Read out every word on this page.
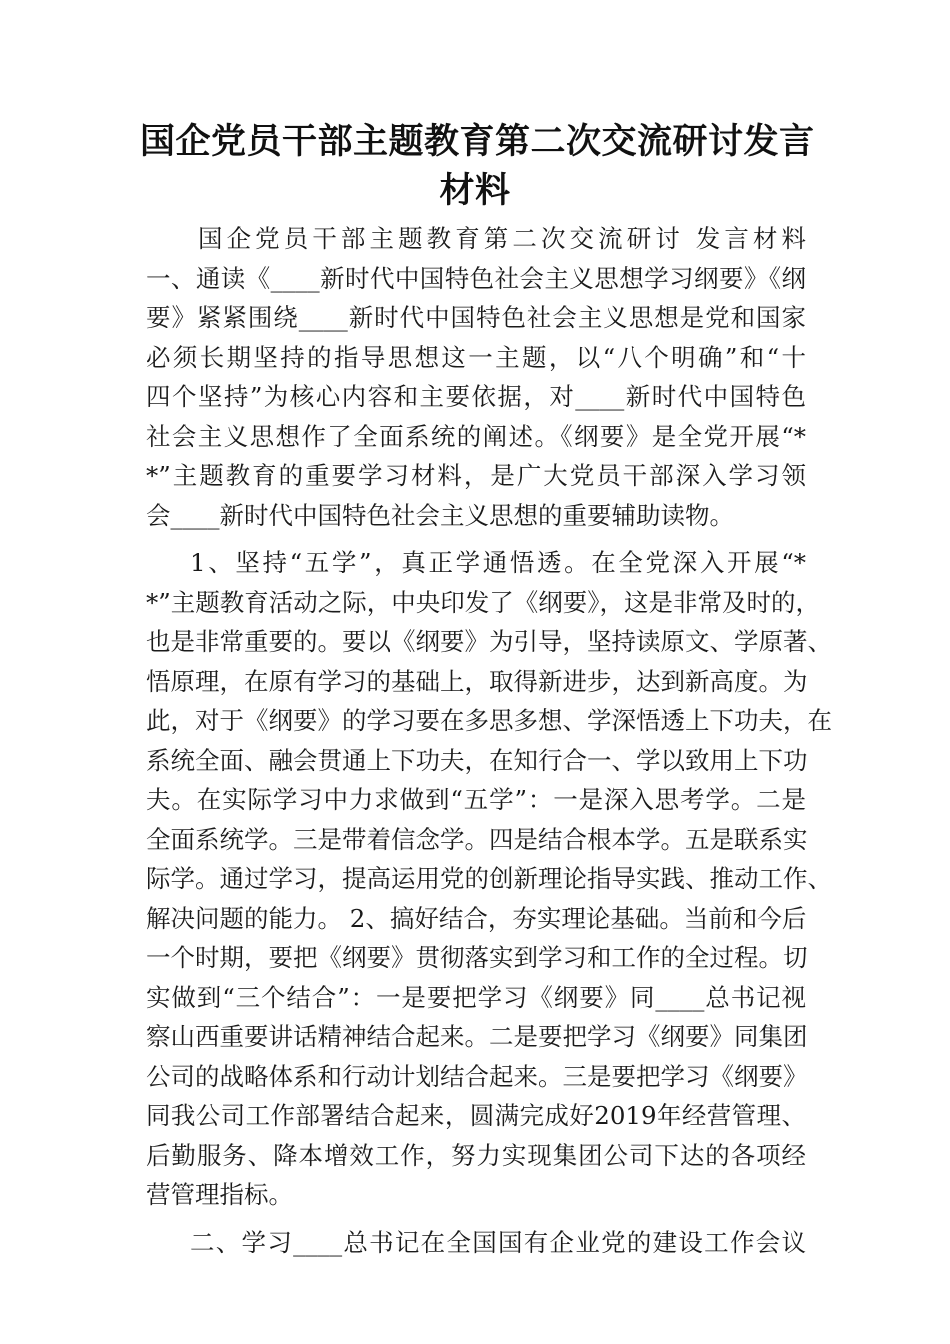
国企党员干部主题教育第二次交流研讨发言
材料
国企党员干部主题教育第二次交流研讨 发言材料
一、通读《____新时代中国特色社会主义思想学习纲要》《纲
要》紧紧围绕____新时代中国特色社会主义思想是党和国家
必须长期坚持的指导思想这一主题，以“八个明确”和“十
四个坚持”为核心内容和主要依据，对____新时代中国特色
社会主义思想作了全面系统的阐述。《纲要》是全党开展“*
*”主题教育的重要学习材料，是广大党员干部深入学习领
会____新时代中国特色社会主义思想的重要辅助读物。
1、坚持“五学”，真正学通悟透。在全党深入开展“*
*”主题教育活动之际，中央印发了《纲要》，这是非常及时的，
也是非常重要的。要以《纲要》为引导，坚持读原文、学原著、
悟原理，在原有学习的基础上，取得新进步，达到新高度。为
此，对于《纲要》的学习要在多思多想、学深悟透上下功夫，在
系统全面、融会贯通上下功夫，在知行合一、学以致用上下功
夫。在实际学习中力求做到“五学”：一是深入思考学。二是
全面系统学。三是带着信念学。四是结合根本学。五是联系实
际学。通过学习，提高运用党的创新理论指导实践、推动工作、
解决问题的能力。 2、搞好结合，夯实理论基础。当前和今后
一个时期，要把《纲要》贯彻落实到学习和工作的全过程。切
实做到“三个结合”：一是要把学习《纲要》同____总书记视
察山西重要讲话精神结合起来。二是要把学习《纲要》同集团
公司的战略体系和行动计划结合起来。三是要把学习《纲要》
同我公司工作部署结合起来，圆满完成好2019年经营管理、
后勤服务、降本增效工作，努力实现集团公司下达的各项经
营管理指标。
二、学习____总书记在全国国有企业党的建设工作会议
